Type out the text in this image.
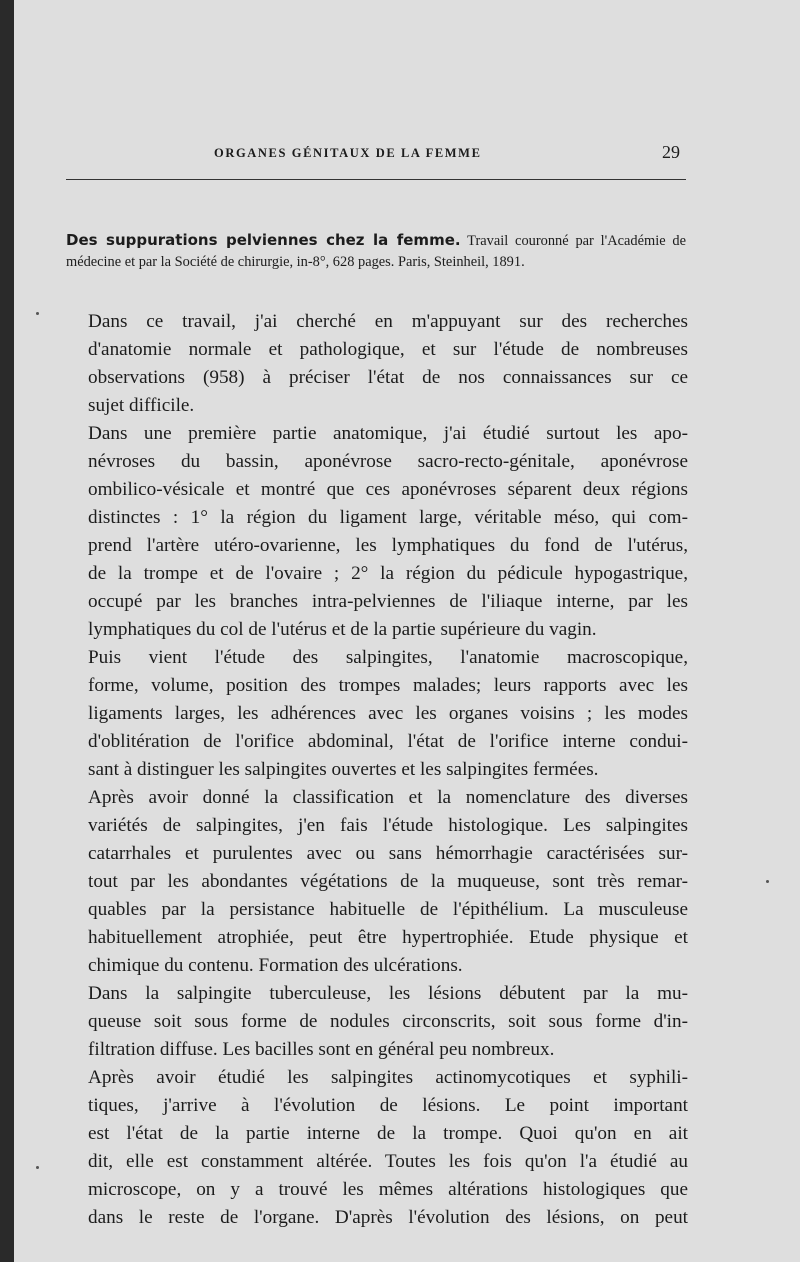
ORGANES GÉNITAUX DE LA FEMME	29
Des suppurations pelviennes chez la femme. Travail couronné par l'Académie de médecine et par la Société de chirurgie, in-8°, 628 pages. Paris, Steinheil, 1891.

Dans ce travail, j'ai cherché en m'appuyant sur des recherches
d'anatomie normale et pathologique, et sur l'étude de nombreuses
observations (958) à préciser l'état de nos connaissances sur ce
sujet difficile.

Dans une première partie anatomique, j'ai étudié surtout les apo-
névroses du bassin, aponévrose sacro-recto-génitale, aponévrose
ombilico-vésicale et montré que ces aponévroses séparent deux régions
distinctes : 1° la région du ligament large, véritable méso, qui com-
prend l'artère utéro-ovarienne, les lymphatiques du fond de l'utérus,
de la trompe et de l'ovaire ; 2° la région du pédicule hypogastrique,
occupé par les branches intra-pelviennes de l'iliaque interne, par les
lymphatiques du col de l'utérus et de la partie supérieure du vagin.

Puis vient l'étude des salpingites, l'anatomie macroscopique,
forme, volume, position des trompes malades; leurs rapports avec les
ligaments larges, les adhérences avec les organes voisins ; les modes
d'oblitération de l'orifice abdominal, l'état de l'orifice interne condui-
sant à distinguer les salpingites ouvertes et les salpingites fermées.

Après avoir donné la classification et la nomenclature des diverses
variétés de salpingites, j'en fais l'étude histologique. Les salpingites
catarrhales et purulentes avec ou sans hémorrhagie caractérisées sur-
tout par les abondantes végétations de la muqueuse, sont très remar-
quables par la persistance habituelle de l'épithélium. La musculeuse
habituellement atrophiée, peut être hypertrophiée. Etude physique et
chimique du contenu. Formation des ulcérations.

Dans la salpingite tuberculeuse, les lésions débutent par la mu-
queuse soit sous forme de nodules circonscrits, soit sous forme d'in-
filtration diffuse. Les bacilles sont en général peu nombreux.

Après avoir étudié les salpingites actinomycotiques et syphili-
tiques, j'arrive à l'évolution de lésions. Le point important
est l'état de la partie interne de la trompe. Quoi qu'on en ait
dit, elle est constamment altérée. Toutes les fois qu'on l'a étudié au
microscope, on y a trouvé les mêmes altérations histologiques que
dans le reste de l'organe. D'après l'évolution des lésions, on peut
